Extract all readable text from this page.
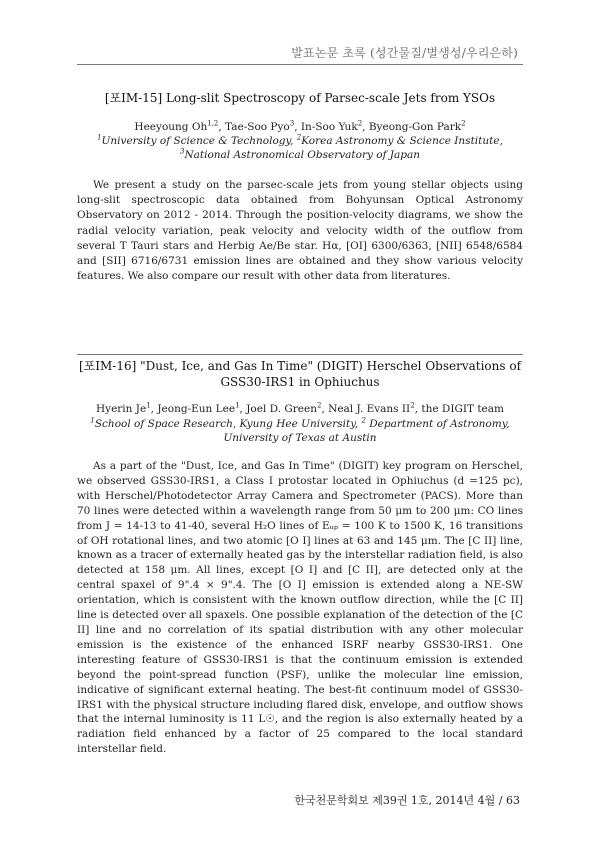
발표논문 초록 (성간물질/별생성/우리은하)
[포IM-15] Long-slit Spectroscopy of Parsec-scale Jets from YSOs
Heeyoung Oh$^{1,2}$, Tae-Soo Pyo$^3$, In-Soo Yuk$^2$, Byeong-Gon Park$^2$
$^1$University of Science & Technology, $^2$Korea Astronomy & Science Institute,
$^3$National Astronomical Observatory of Japan

We present a study on the parsec-scale jets from young stellar objects using long-slit spectroscopic data obtained from Bohyunsan Optical Astronomy Observatory on 2012 - 2014. Through the position-velocity diagrams, we show the radial velocity variation, peak velocity and velocity width of the outflow from several T Tauri stars and Herbig Ae/Be star. Hα, [OI] 6300/6363, [NII] 6548/6584 and [SII] 6716/6731 emission lines are obtained and they show various velocity features. We also compare our result with other data from literatures.

[포IM-16] "Dust, Ice, and Gas In Time" (DIGIT) Herschel Observations of GSS30-IRS1 in Ophiuchus
Hyerin Je$^1$, Jeong-Eun Lee$^1$, Joel D. Green$^2$, Neal J. Evans $II^2$, the DIGIT team
$^1$School of Space Research, Kyung Hee University, $^2$ Department of Astronomy,
University of Texas at Austin

As a part of the "Dust, Ice, and Gas In Time" (DIGIT) key program on Herschel, we observed GSS30-IRS1, a Class I protostar located in Ophiuchus (d =125 pc), with Herschel/Photodetector Array Camera and Spectrometer (PACS). More than 70 lines were detected within a wavelength range from 50 μm to 200 μm: CO lines from J = 14-13 to 41-40, several H₂O lines of Eᵤₚ = 100 K to 1500 K, 16 transitions of OH rotational lines, and two atomic [O I] lines at 63 and 145 μm. The [C II] line, known as a tracer of externally heated gas by the interstellar radiation field, is also detected at 158 μm. All lines, except [O I] and [C II], are detected only at the central spaxel of 9".4 × 9".4. The [O I] emission is extended along a NE-SW orientation, which is consistent with the known outflow direction, while the [C II] line is detected over all spaxels. One possible explanation of the detection of the [C II] line and no correlation of its spatial distribution with any other molecular emission is the existence of the enhanced ISRF nearby GSS30-IRS1. One interesting feature of GSS30-IRS1 is that the continuum emission is extended beyond the point-spread function (PSF), unlike the molecular line emission, indicative of significant external heating. The best-fit continuum model of GSS30-IRS1 with the physical structure including flared disk, envelope, and outflow shows that the internal luminosity is 11 L☉, and the region is also externally heated by a radiation field enhanced by a factor of 25 compared to the local standard interstellar field.

한국천문학회보 제39권 1호, 2014년 4월 / 63
